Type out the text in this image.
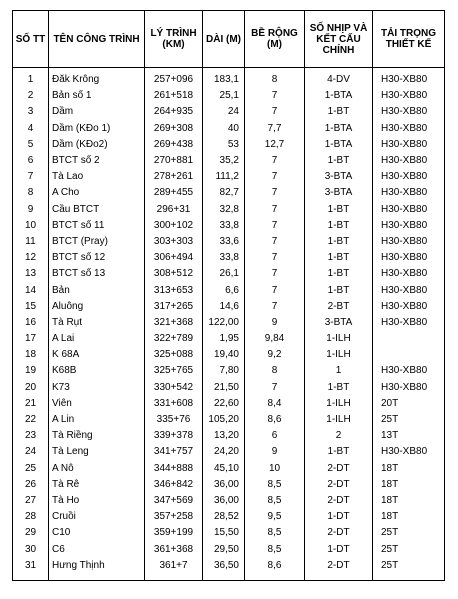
SỐ TT	TÊN CÔNG TRÌNH	LÝ TRÌNH (KM)	DÀI (M)	BỀ RỘNG (M)	SỐ NHỊP VÀ KẾT CẤU CHÍNH	TẢI TRỌNG THIẾT KẾ
1	Đăk Krông	257+096	183,1	8	4-DV	H30-XB80
2	Bản số 1	261+518	25,1	7	1-BTA	H30-XB80
3	Dầm	264+935	24	7	1-BT	H30-XB80
4	Dầm (KĐo 1)	269+308	40	7,7	1-BTA	H30-XB80
5	Dầm (KĐo2)	269+438	53	12,7	1-BTA	H30-XB80
6	BTCT số 2	270+881	35,2	7	1-BT	H30-XB80
7	Tà Lao	278+261	111,2	7	3-BTA	H30-XB80
8	A Cho	289+455	82,7	7	3-BTA	H30-XB80
9	Cầu BTCT	296+31	32,8	7	1-BT	H30-XB80
10	BTCT số 11	300+102	33,8	7	1-BT	H30-XB80
11	BTCT (Pray)	303+303	33,6	7	1-BT	H30-XB80
12	BTCT số 12	306+494	33,8	7	1-BT	H30-XB80
13	BTCT số 13	308+512	26,1	7	1-BT	H30-XB80
14	Bản	313+653	6,6	7	1-BT	H30-XB80
15	Aluông	317+265	14,6	7	2-BT	H30-XB80
16	Tà Rụt	321+368	122,00	9	3-BTA	H30-XB80
17	A Lai	322+789	1,95	9,84	1-ILH	
18	K 68A	325+088	19,40	9,2	1-ILH	
19	K68B	325+765	7,80	8	1	H30-XB80
20	K73	330+542	21,50	7	1-BT	H30-XB80
21	Viên	331+608	22,60	8,4	1-ILH	20T
22	A Lin	335+76	105,20	8,6	1-ILH	25T
23	Tà Riềng	339+378	13,20	6	2	13T
24	Tà Leng	341+757	24,20	9	1-BT	H30-XB80
25	A Nô	344+888	45,10	10	2-DT	18T
26	Tà Rê	346+842	36,00	8,5	2-DT	18T
27	Tà Ho	347+569	36,00	8,5	2-DT	18T
28	Cruồi	357+258	28,52	9,5	1-DT	18T
29	C10	359+199	15,50	8,5	2-DT	25T
30	C6	361+368	29,50	8,5	1-DT	25T
31	Hưng Thịnh	361+7	36,50	8,6	2-DT	25T
